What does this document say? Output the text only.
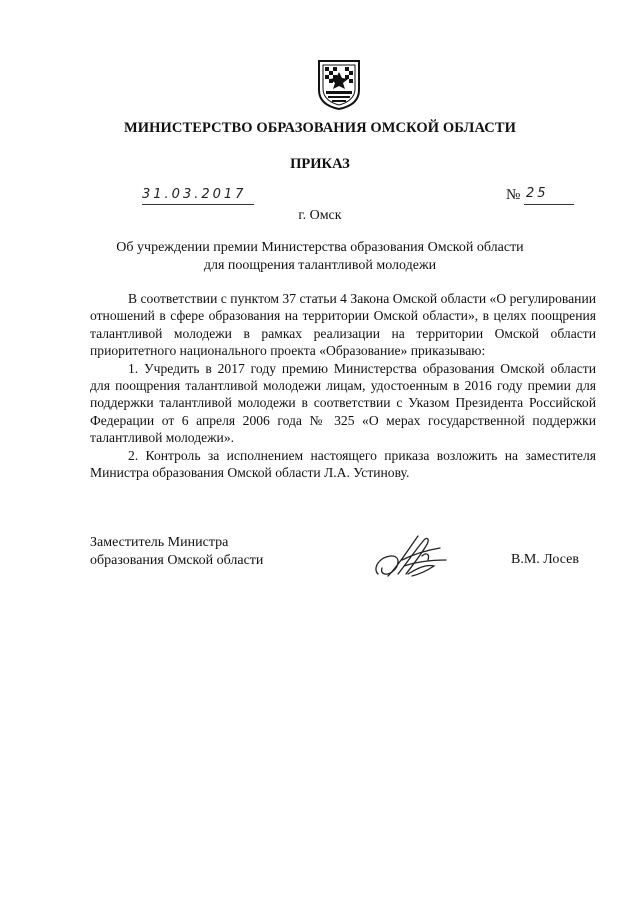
МИНИСТЕРСТВО ОБРАЗОВАНИЯ ОМСКОЙ ОБЛАСТИ
ПРИКАЗ
31.03.2017	№ 25
г. Омск
Об учреждении премии Министерства образования Омской области
для поощрения талантливой молодежи

В соответствии с пунктом 37 статьи 4 Закона Омской области «О регулировании отношений в сфере образования на территории Омской области», в целях поощрения талантливой молодежи в рамках реализации на территории Омской области приоритетного национального проекта «Образование» приказываю:

1. Учредить в 2017 году премию Министерства образования Омской области для поощрения талантливой молодежи лицам, удостоенным в 2016 году премии для поддержки талантливой молодежи в соответствии с Указом Президента Российской Федерации от 6 апреля 2006 года № 325 «О мерах государственной поддержки талантливой молодежи».

2. Контроль за исполнением настоящего приказа возложить на заместителя Министра образования Омской области Л.А. Устинову.

Заместитель Министра
образования Омской области	В.М. Лосев
